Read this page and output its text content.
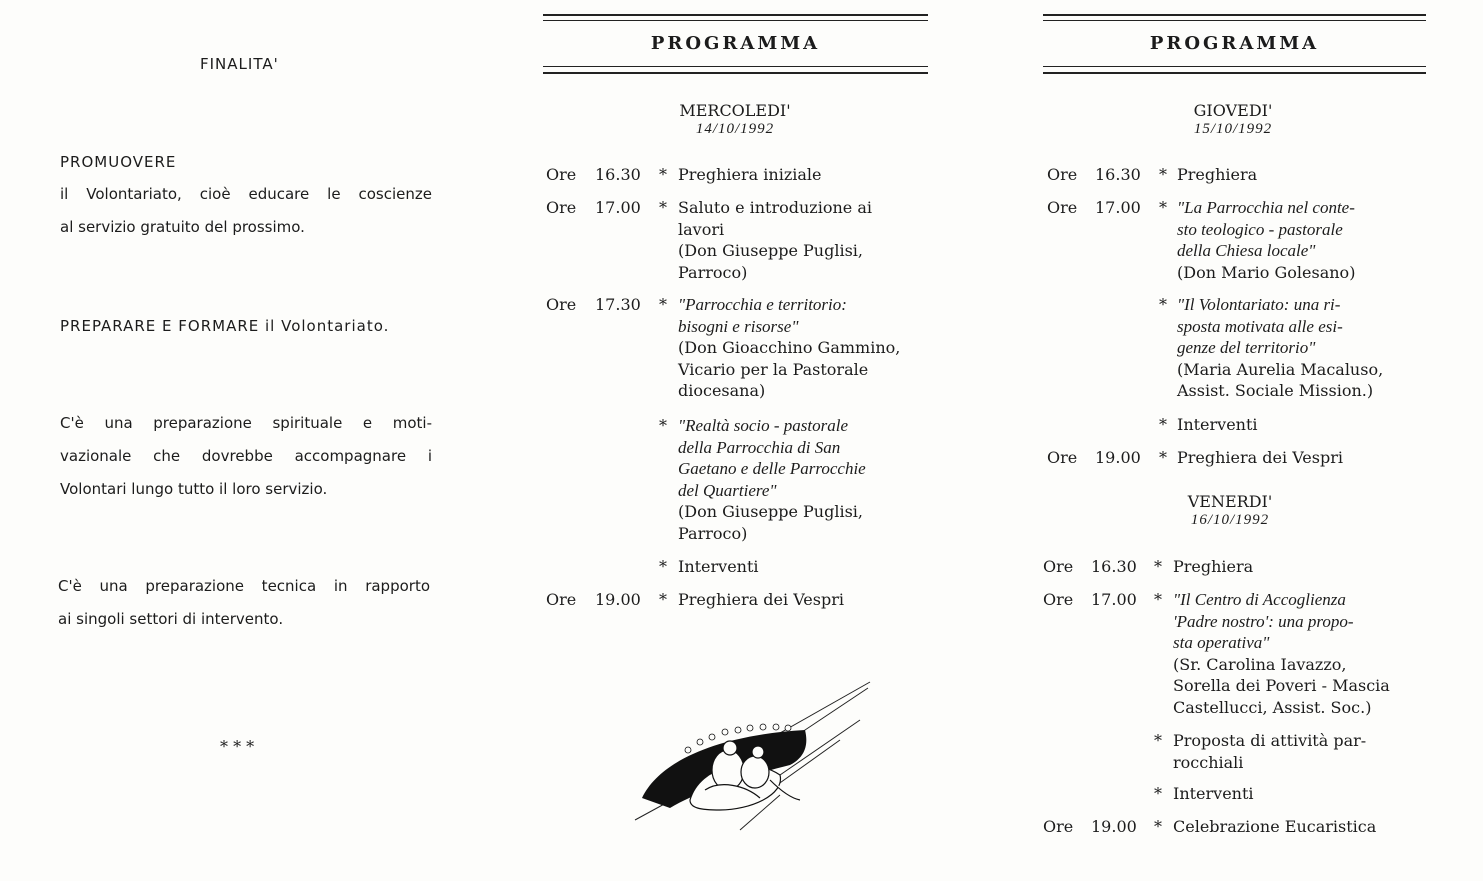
FINALITA'
PROMUOVERE
il Volontariato, cioè educare le coscienze
al servizio gratuito del prossimo.
PREPARARE E FORMARE il Volontariato.
C'è una preparazione spirituale e moti-
vazionale che dovrebbe accompagnare i
Volontari lungo tutto il loro servizio.
C'è una preparazione tecnica in rapporto
ai singoli settori di intervento.
* * *
PROGRAMMA
MERCOLEDI'
14/10/1992
Ore 16.30 * Preghiera iniziale
Ore 17.00 * Saluto e introduzione ai
lavori
(Don Giuseppe Puglisi,
Parroco)
Ore 17.30 * "Parrocchia e territorio:
bisogni e risorse"
(Don Gioacchino Gammino,
Vicario per la Pastorale
diocesana)
* "Realtà socio - pastorale
della Parrocchia di San
Gaetano e delle Parrocchie
del Quartiere"
(Don Giuseppe Puglisi,
Parroco)
* Interventi
Ore 19.00 * Preghiera dei Vespri
PROGRAMMA
GIOVEDI'
15/10/1992
VENERDI'
16/10/1992
Ore 16.30 * Preghiera
Ore 17.00 * "La Parrocchia nel conte-
sto teologico - pastorale
della Chiesa locale"
(Don Mario Golesano)
* "Il Volontariato: una ri-
sposta motivata alle esi-
genze del territorio"
(Maria Aurelia Macaluso,
Assist. Sociale Mission.)
* Interventi
Ore 19.00 * Preghiera dei Vespri
Ore 16.30 * Preghiera
Ore 17.00 * "Il Centro di Accoglienza
'Padre nostro': una propo-
sta operativa"
(Sr. Carolina Iavazzo,
Sorella dei Poveri - Mascia
Castellucci, Assist. Soc.)
* Proposta di attività par-
rocchiali
* Interventi
Ore 19.00 * Celebrazione Eucaristica
